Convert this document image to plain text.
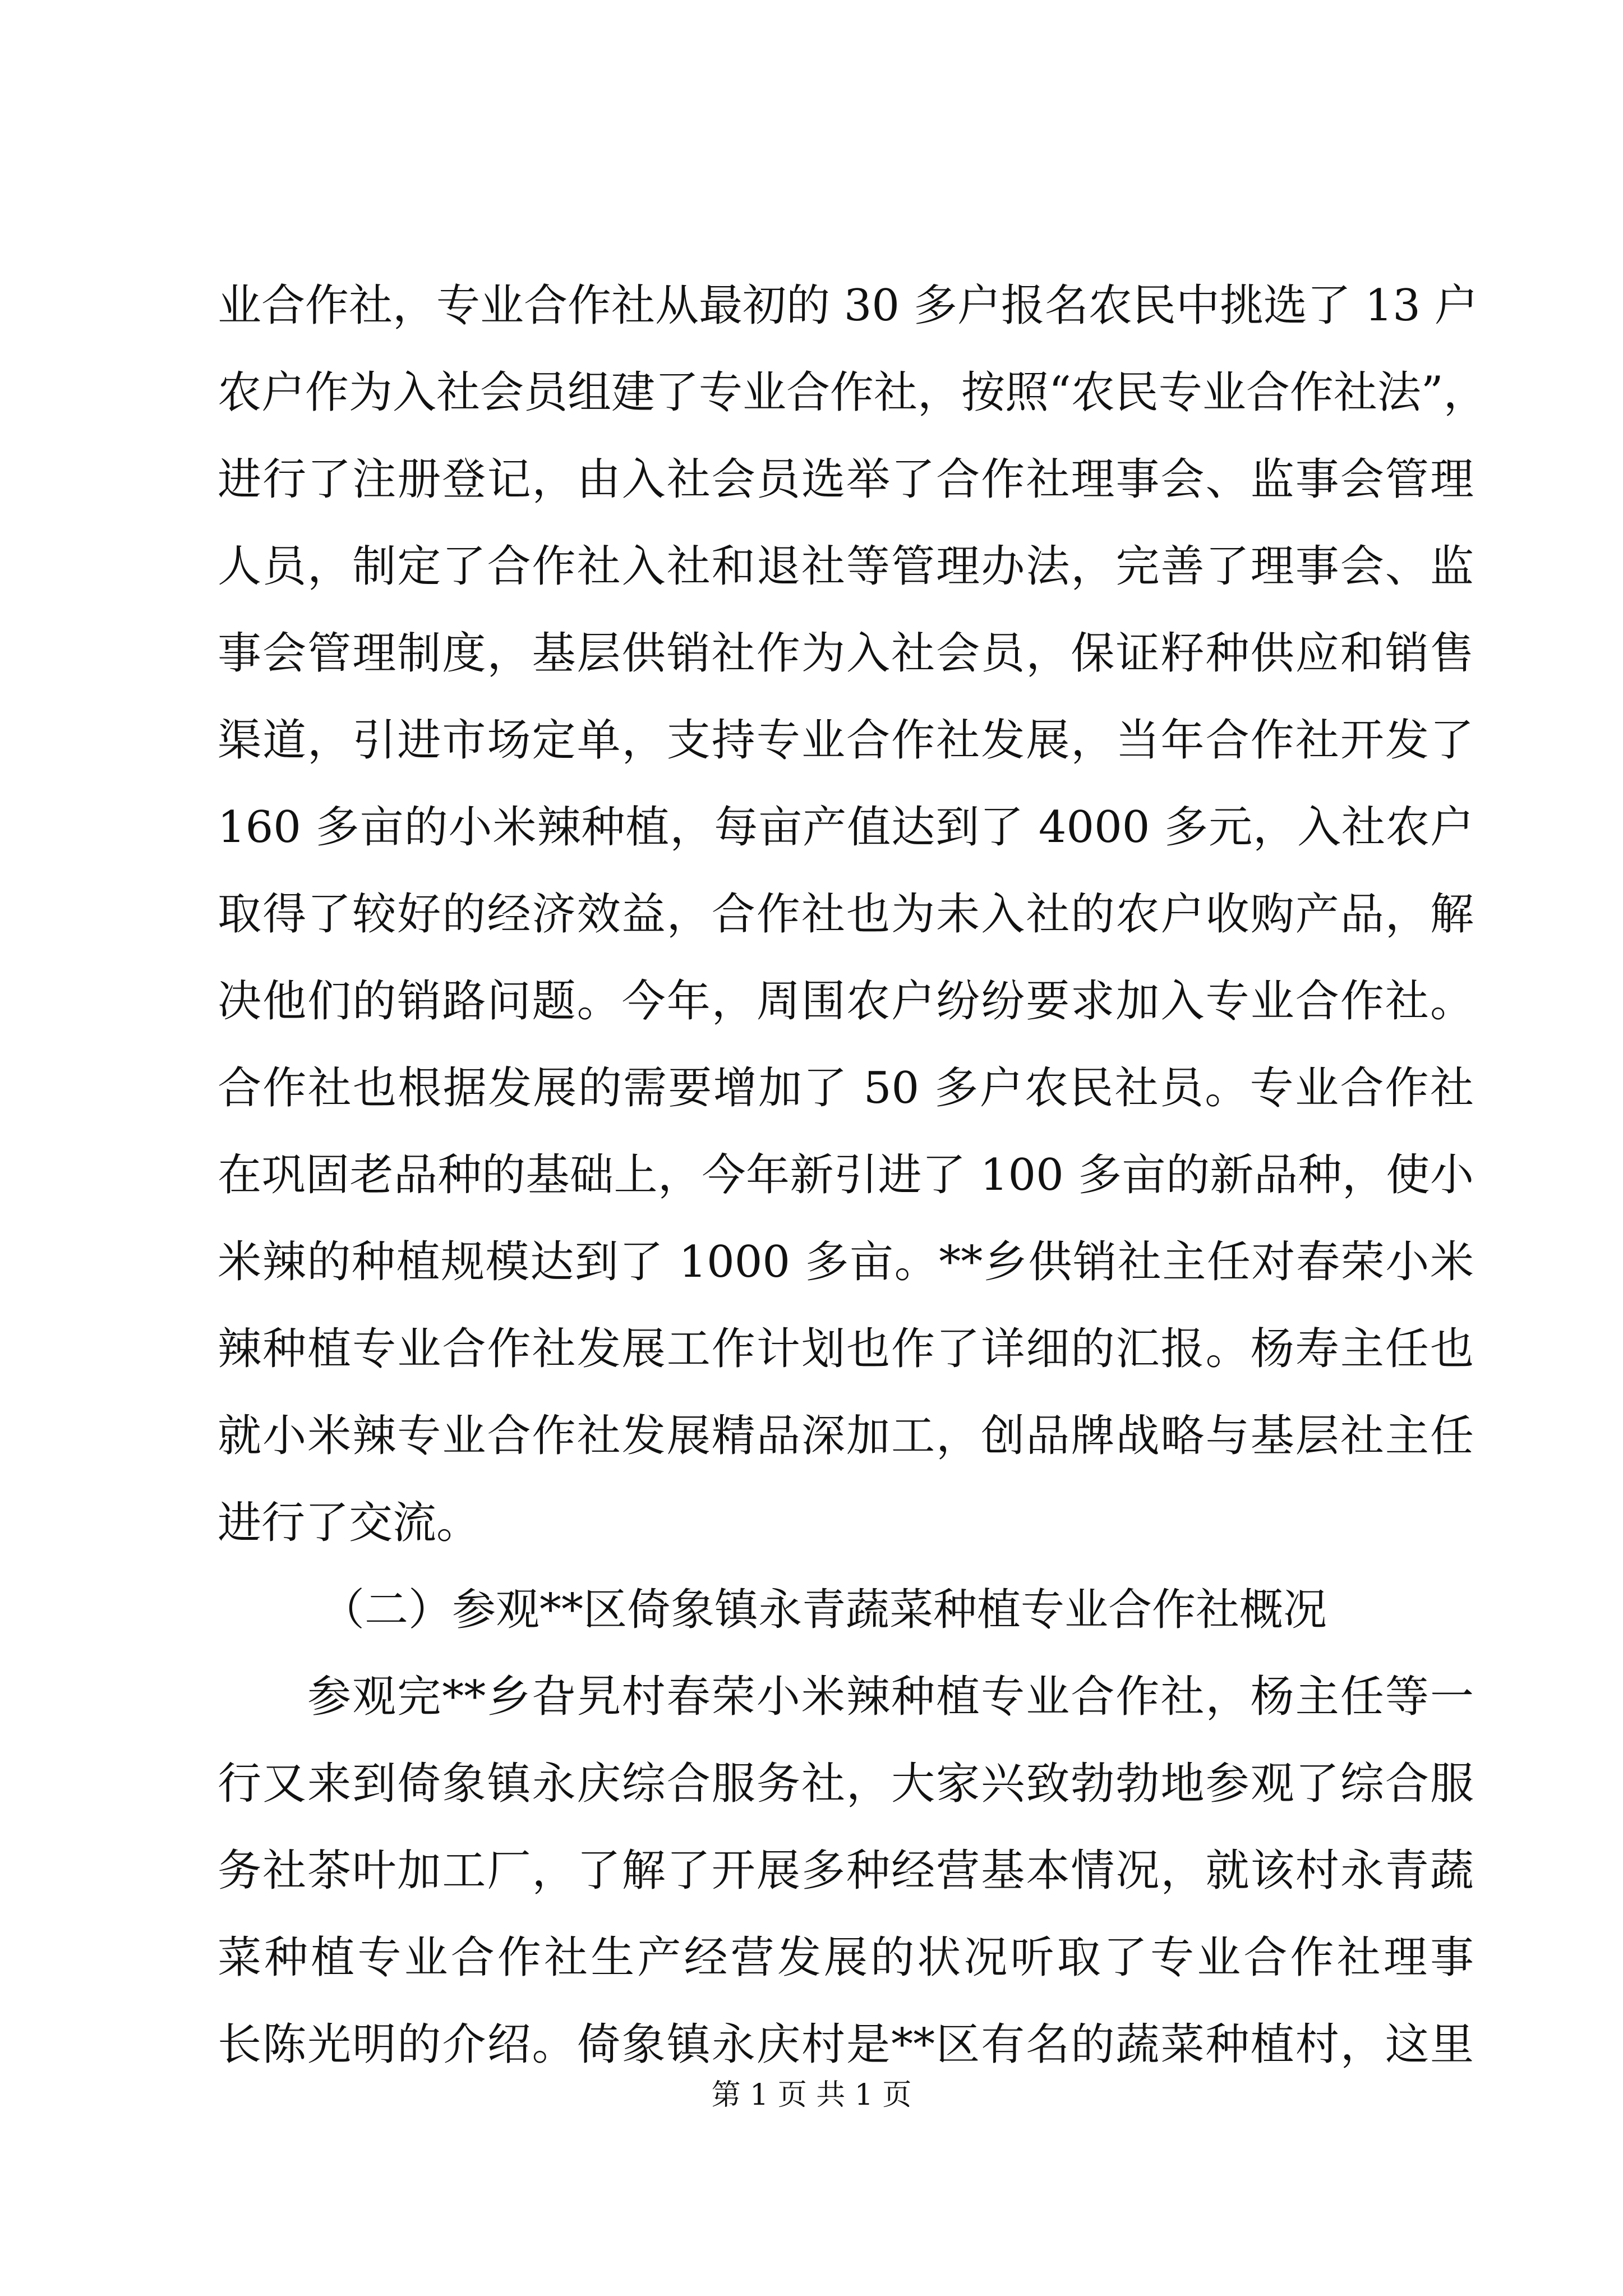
业合作社，专业合作社从最初的 30 多户报名农民中挑选了 13 户
农户作为入社会员组建了专业合作社，按照“农民专业合作社法”，
进行了注册登记，由入社会员选举了合作社理事会、监事会管理
人员，制定了合作社入社和退社等管理办法，完善了理事会、监
事会管理制度，基层供销社作为入社会员，保证籽种供应和销售
渠道，引进市场定单，支持专业合作社发展，当年合作社开发了
160 多亩的小米辣种植，每亩产值达到了 4000 多元，入社农户
取得了较好的经济效益，合作社也为未入社的农户收购产品，解
决他们的销路问题。今年，周围农户纷纷要求加入专业合作社。
合作社也根据发展的需要增加了 50 多户农民社员。专业合作社
在巩固老品种的基础上，今年新引进了 100 多亩的新品种，使小
米辣的种植规模达到了 1000 多亩。**乡供销社主任对春荣小米
辣种植专业合作社发展工作计划也作了详细的汇报。杨寿主任也
就小米辣专业合作社发展精品深加工，创品牌战略与基层社主任
进行了交流。
（二）参观**区倚象镇永青蔬菜种植专业合作社概况
参观完**乡旮旯村春荣小米辣种植专业合作社，杨主任等一
行又来到倚象镇永庆综合服务社，大家兴致勃勃地参观了综合服
务社茶叶加工厂，了解了开展多种经营基本情况，就该村永青蔬
菜种植专业合作社生产经营发展的状况听取了专业合作社理事
长陈光明的介绍。倚象镇永庆村是**区有名的蔬菜种植村，这里
第 1 页 共 1 页
